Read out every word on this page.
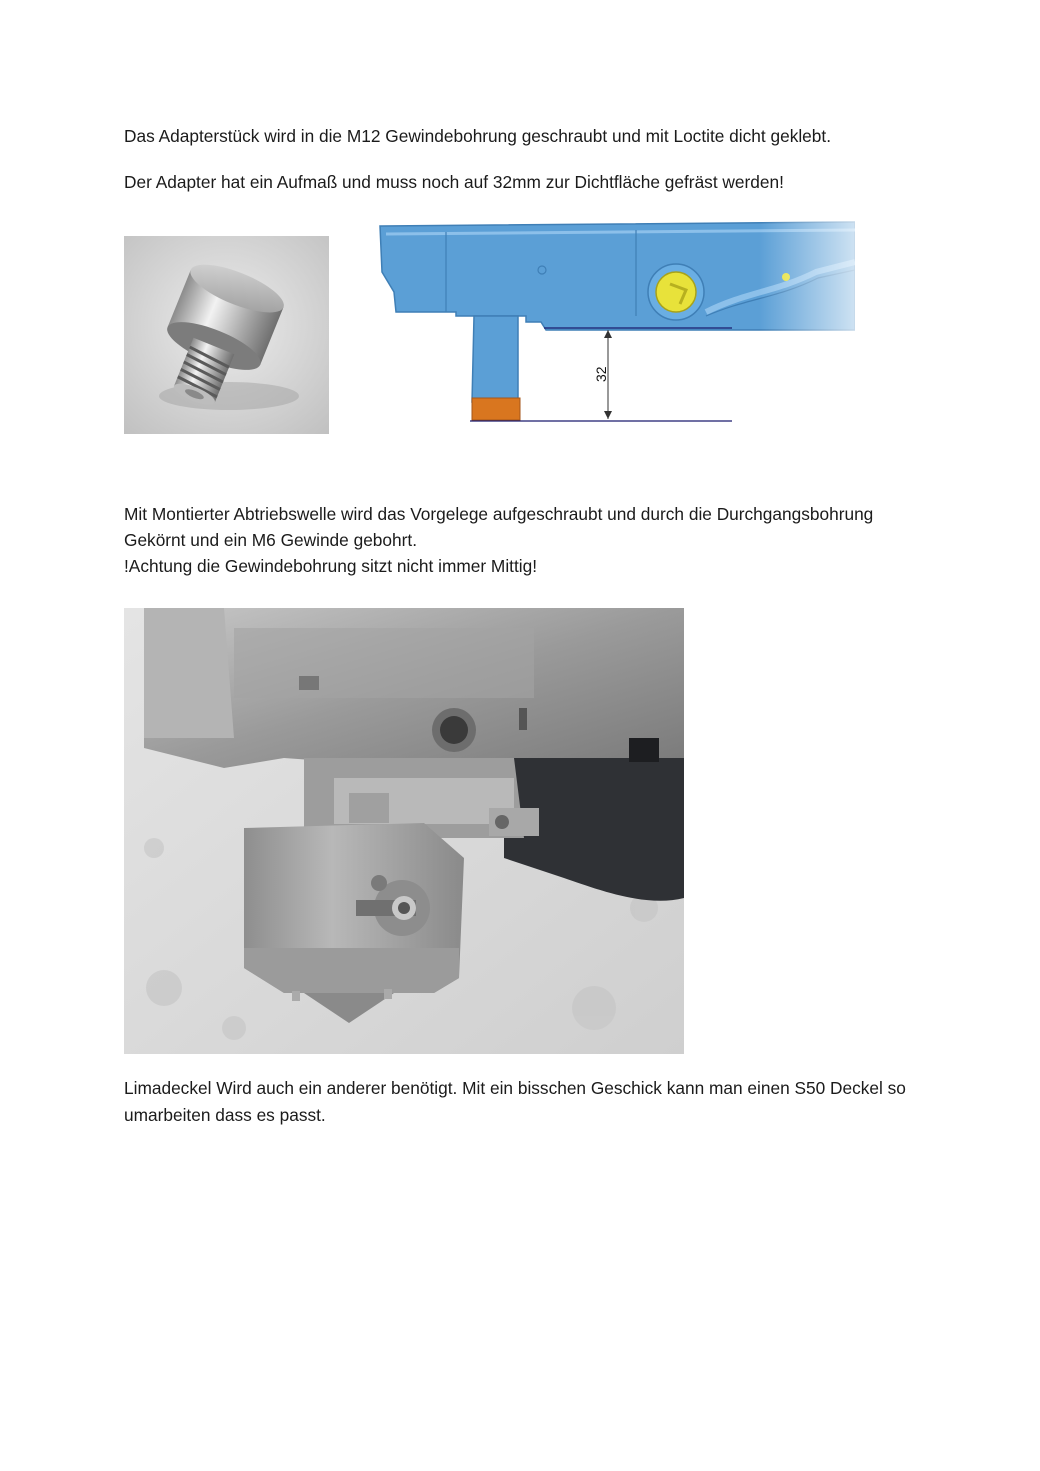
Das Adapterstück wird in die M12 Gewindebohrung geschraubt und mit Loctite dicht geklebt.
Der Adapter hat ein Aufmaß und muss noch auf 32mm zur Dichtfläche gefräst werden!
Mit Montierter Abtriebswelle wird das Vorgelege aufgeschraubt und durch die Durchgangsbohrung
Gekörnt und ein M6 Gewinde gebohrt.
!Achtung die Gewindebohrung sitzt nicht immer Mittig!
Limadeckel Wird auch ein anderer benötigt. Mit ein bisschen Geschick kann man einen S50 Deckel so
umarbeiten dass es passt.
